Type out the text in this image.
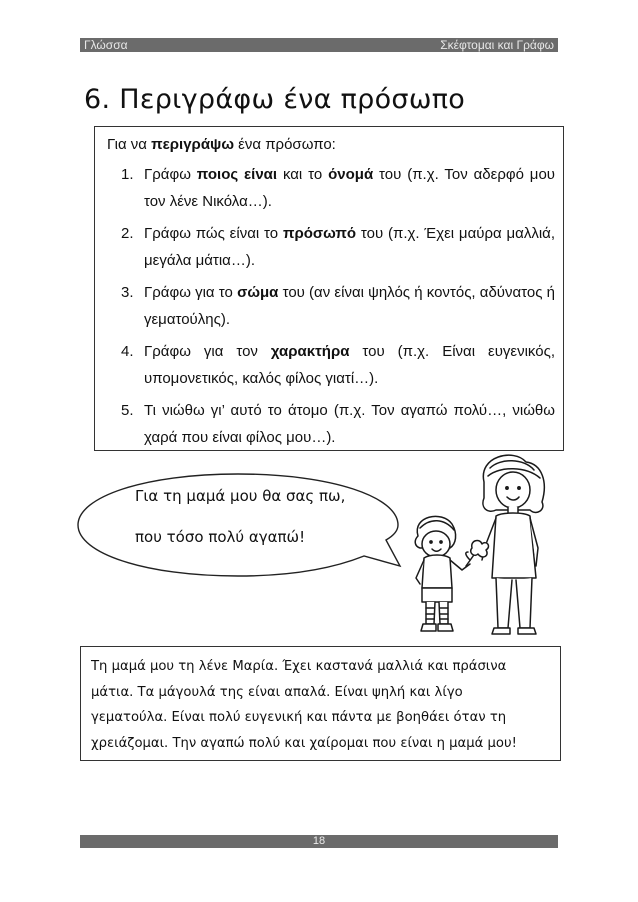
Γλώσσα	Σκέφτομαι και Γράφω
6. Περιγράφω ένα πρόσωπο

Για να περιγράψω ένα πρόσωπο:

1. Γράφω ποιος είναι και το όνομά του (π.χ. Τον αδερφό μου τον λένε Νικόλα…).
2. Γράφω πώς είναι το πρόσωπό του (π.χ. Έχει μαύρα μαλλιά, μεγάλα μάτια…).
3. Γράφω για το σώμα του (αν είναι ψηλός ή κοντός, αδύνατος ή γεματούλης).
4. Γράφω για τον χαρακτήρα του (π.χ. Είναι ευγενικός, υπομονετικός, καλός φίλος γιατί…).
5. Τι νιώθω γι’ αυτό το άτομο (π.χ. Τον αγαπώ πολύ…, νιώθω χαρά που είναι φίλος μου…).
Για τη μαμά μου θα σας πω,
που τόσο πολύ αγαπώ!
Τη μαμά μου τη λένε Μαρία. Έχει καστανά μαλλιά και πράσινα
μάτια. Τα μάγουλά της είναι απαλά. Είναι ψηλή και λίγο
γεματούλα. Είναι πολύ ευγενική και πάντα με βοηθάει όταν τη
χρειάζομαι. Την αγαπώ πολύ και χαίρομαι που είναι η μαμά μου!
18
